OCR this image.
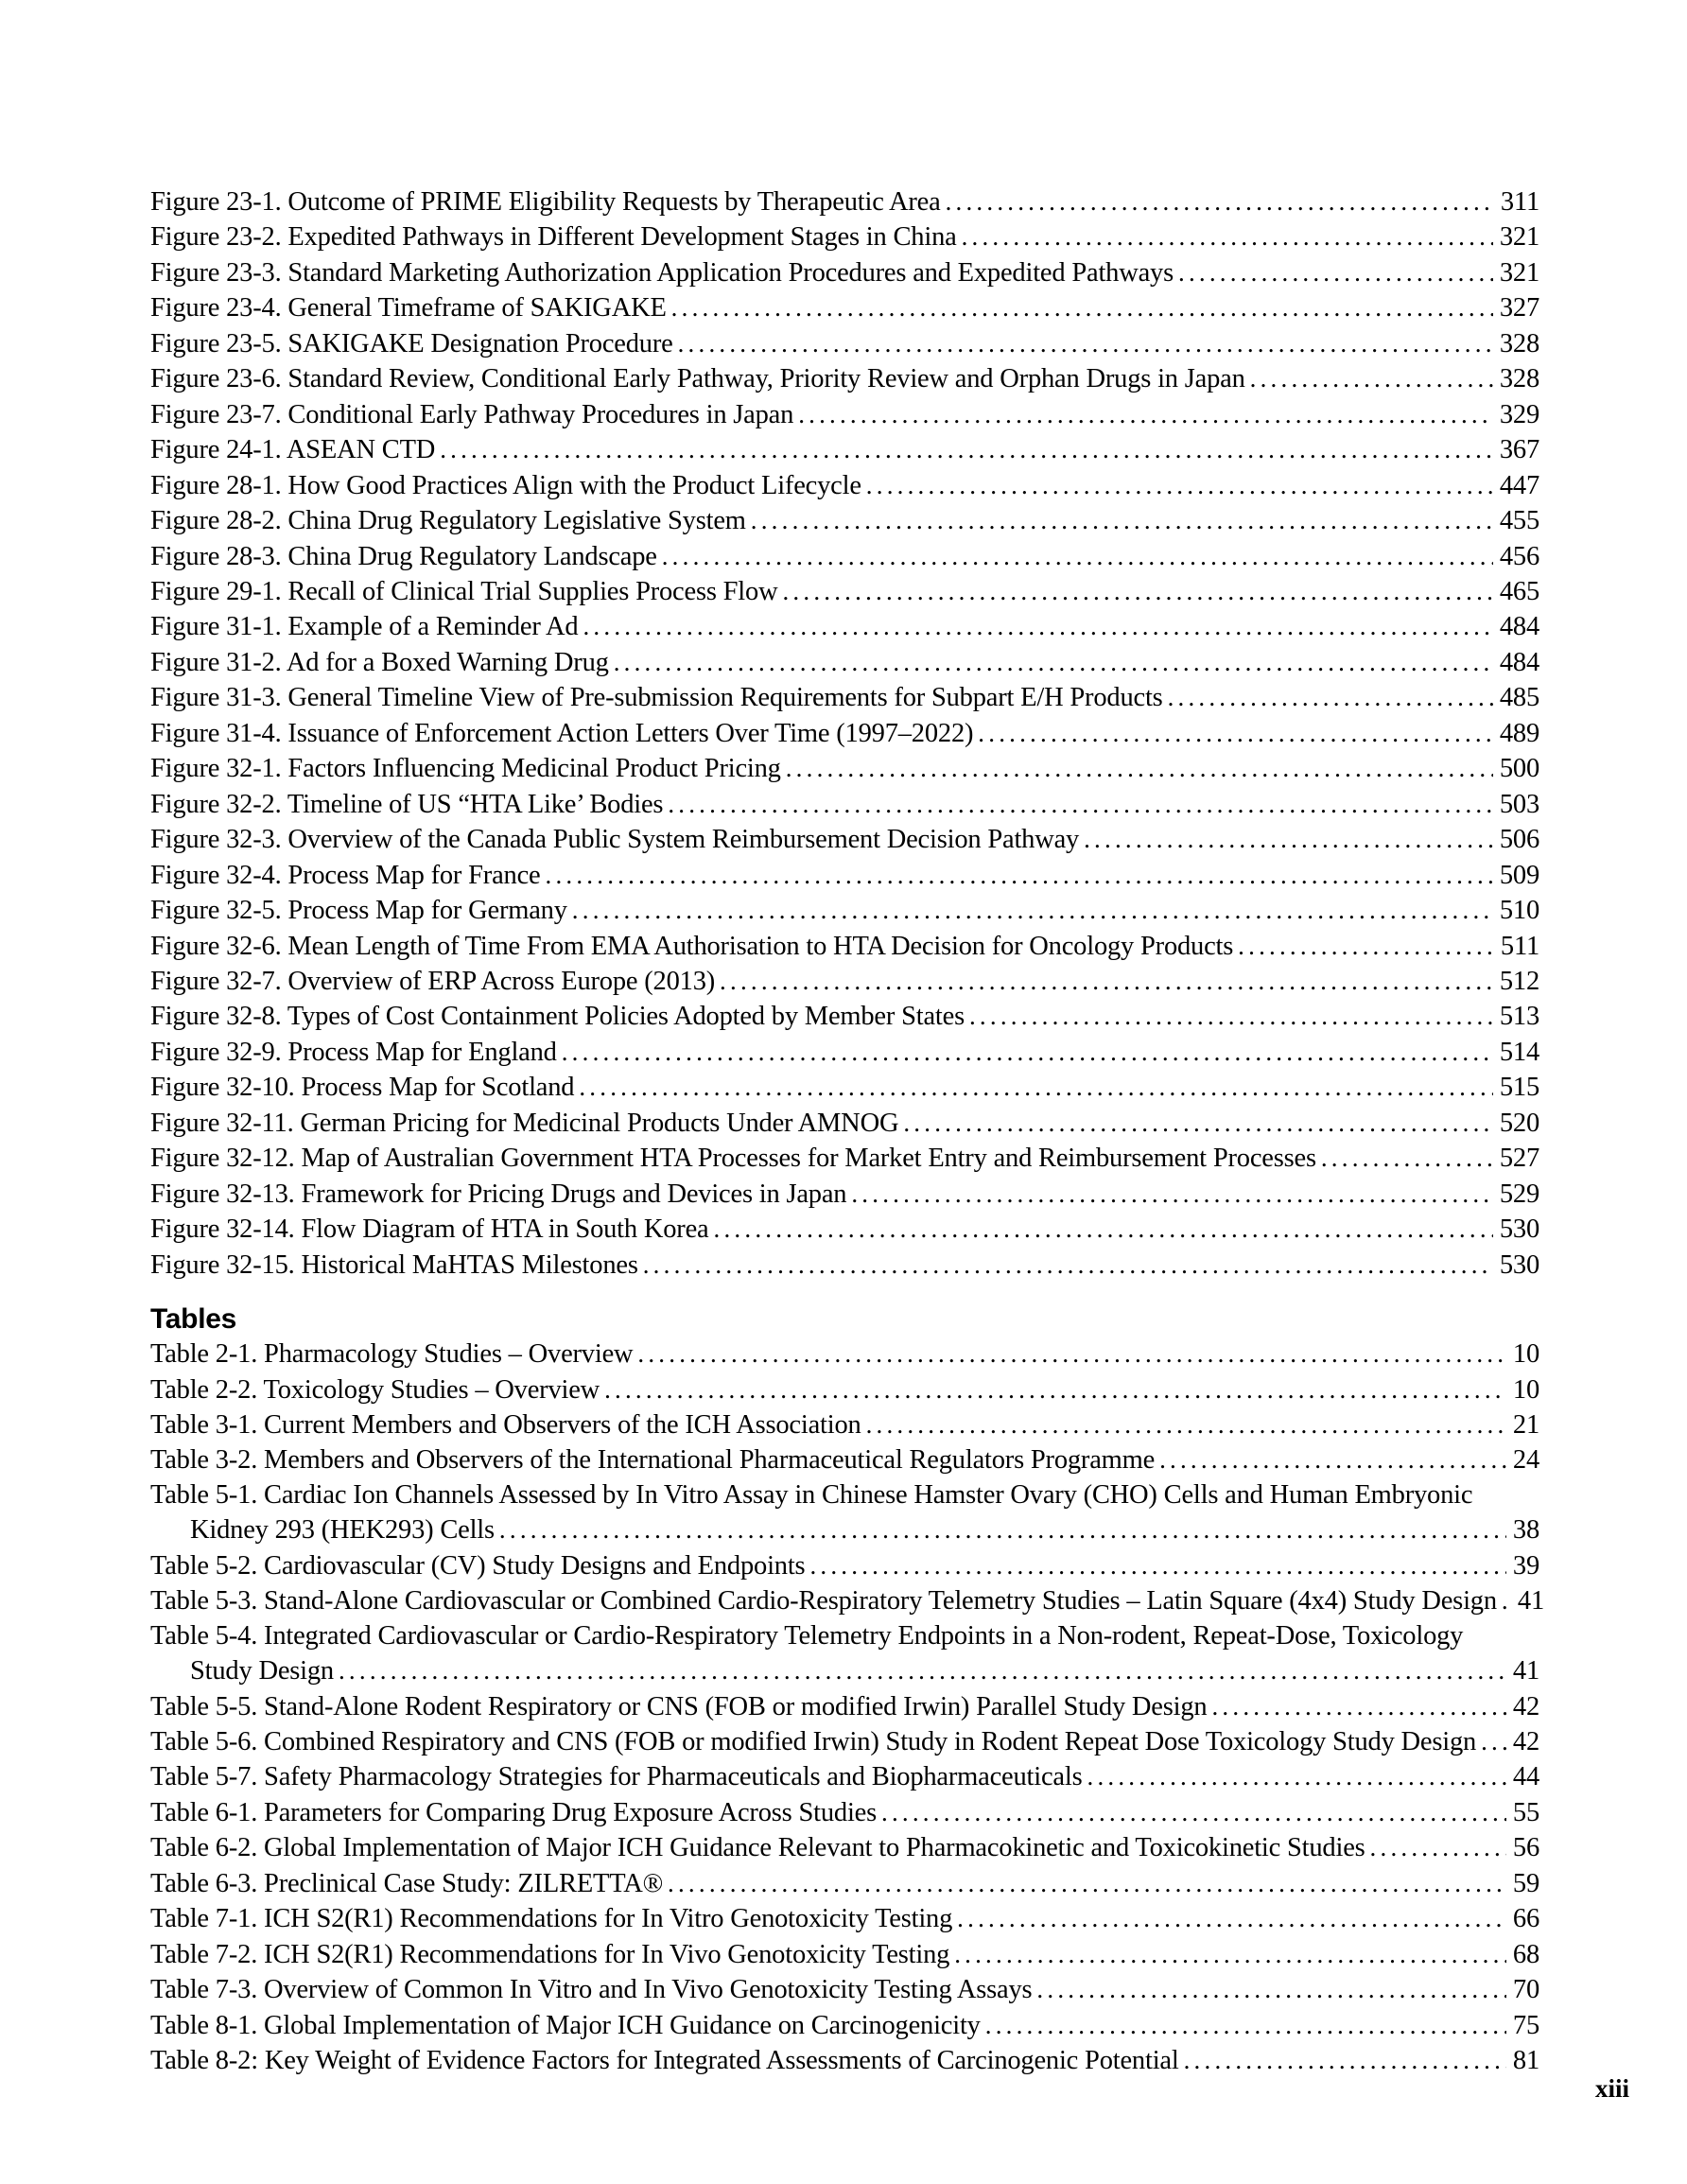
Figure 23-1. Outcome of PRIME Eligibility Requests by Therapeutic Area .....	311
Figure 23-2. Expedited Pathways in Different Development Stages in China .....	321
Figure 23-3. Standard Marketing Authorization Application Procedures and Expedited Pathways .....	321
Figure 23-4. General Timeframe of SAKIGAKE .....	327
Figure 23-5. SAKIGAKE Designation Procedure .....	328
Figure 23-6. Standard Review, Conditional Early Pathway, Priority Review and Orphan Drugs in Japan .....	328
Figure 23-7. Conditional Early Pathway Procedures in Japan .....	329
Figure 24-1. ASEAN CTD .....	367
Figure 28-1. How Good Practices Align with the Product Lifecycle .....	447
Figure 28-2. China Drug Regulatory Legislative System .....	455
Figure 28-3. China Drug Regulatory Landscape .....	456
Figure 29-1. Recall of Clinical Trial Supplies Process Flow .....	465
Figure 31-1. Example of a Reminder Ad .....	484
Figure 31-2. Ad for a Boxed Warning Drug .....	484
Figure 31-3. General Timeline View of Pre-submission Requirements for Subpart E/H Products .....	485
Figure 31-4. Issuance of Enforcement Action Letters Over Time (1997–2022) .....	489
Figure 32-1. Factors Influencing Medicinal Product Pricing .....	500
Figure 32-2. Timeline of US “HTA Like’ Bodies .....	503
Figure 32-3. Overview of the Canada Public System Reimbursement Decision Pathway .....	506
Figure 32-4. Process Map for France .....	509
Figure 32-5. Process Map for Germany .....	510
Figure 32-6. Mean Length of Time From EMA Authorisation to HTA Decision for Oncology Products .....	511
Figure 32-7. Overview of ERP Across Europe (2013) .....	512
Figure 32-8. Types of Cost Containment Policies Adopted by Member States .....	513
Figure 32-9. Process Map for England .....	514
Figure 32-10. Process Map for Scotland .....	515
Figure 32-11. German Pricing for Medicinal Products Under AMNOG .....	520
Figure 32-12. Map of Australian Government HTA Processes for Market Entry and Reimbursement Processes .....	527
Figure 32-13. Framework for Pricing Drugs and Devices in Japan .....	529
Figure 32-14. Flow Diagram of HTA in South Korea .....	530
Figure 32-15. Historical MaHTAS Milestones .....	530
Tables
Table 2-1. Pharmacology Studies – Overview .....	10
Table 2-2. Toxicology Studies – Overview .....	10
Table 3-1. Current Members and Observers of the ICH Association .....	21
Table 3-2. Members and Observers of the International Pharmaceutical Regulators Programme .....	24
Table 5-1. Cardiac Ion Channels Assessed by In Vitro Assay in Chinese Hamster Ovary (CHO) Cells and Human Embryonic
Kidney 293 (HEK293) Cells .....	38
Table 5-2. Cardiovascular (CV) Study Designs and Endpoints .....	39
Table 5-3. Stand-Alone Cardiovascular or Combined Cardio-Respiratory Telemetry Studies – Latin Square (4x4) Study Design ..... 41
Table 5-4. Integrated Cardiovascular or Cardio-Respiratory Telemetry Endpoints in a Non-rodent, Repeat-Dose, Toxicology
Study Design .....	41
Table 5-5. Stand-Alone Rodent Respiratory or CNS (FOB or modified Irwin) Parallel Study Design .....	42
Table 5-6. Combined Respiratory and CNS (FOB or modified Irwin) Study in Rodent Repeat Dose Toxicology Study Design ..... 42
Table 5-7. Safety Pharmacology Strategies for Pharmaceuticals and Biopharmaceuticals .....	44
Table 6-1. Parameters for Comparing Drug Exposure Across Studies .....	55
Table 6-2. Global Implementation of Major ICH Guidance Relevant to Pharmacokinetic and Toxicokinetic Studies .....	56
Table 6-3. Preclinical Case Study: ZILRETTA® .....	59
Table 7-1. ICH S2(R1) Recommendations for In Vitro Genotoxicity Testing .....	66
Table 7-2. ICH S2(R1) Recommendations for In Vivo Genotoxicity Testing .....	68
Table 7-3. Overview of Common In Vitro and In Vivo Genotoxicity Testing Assays .....	70
Table 8-1. Global Implementation of Major ICH Guidance on Carcinogenicity .....	75
Table 8-2: Key Weight of Evidence Factors for Integrated Assessments of Carcinogenic Potential .....	81
xiii
